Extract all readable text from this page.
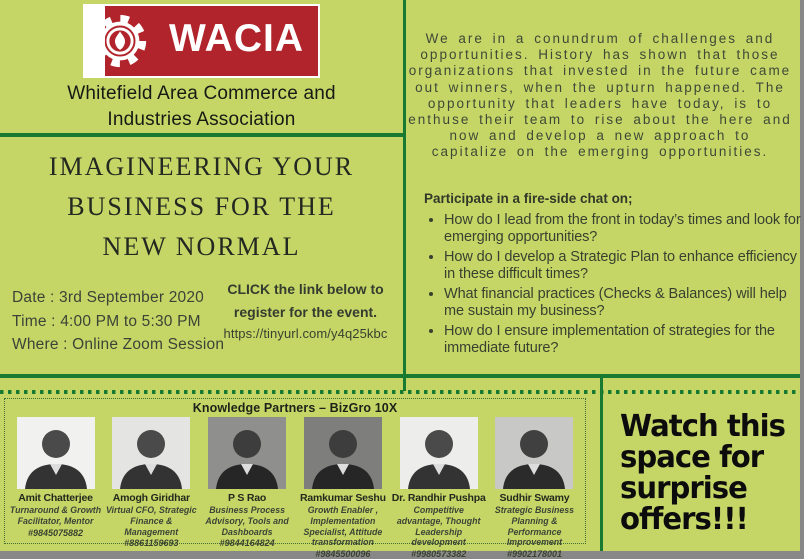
WACIA
Whitefield Area Commerce and
Industries Association
IMAGINEERING YOUR
BUSINESS FOR THE
NEW NORMAL
Date : 3rd September 2020
Time : 4:00 PM to 5:30 PM
Where : Online Zoom Session
CLICK the link below to
register for the event.
https://tinyurl.com/y4q25kbc
We are in a conundrum of challenges and opportunities. History has shown that those organizations that invested in the future came out winners, when the upturn happened. The opportunity that leaders have today, is to enthuse their team to rise about the here and now and develop a new approach to capitalize on the emerging opportunities.
Participate in a fire-side chat on;
• How do I lead from the front in today’s times and look for emerging opportunities?
• How do I develop a Strategic Plan to enhance efficiency in these difficult times?
• What financial practices (Checks & Balances) will help me sustain my business?
• How do I ensure implementation of strategies for the immediate future?
Knowledge Partners – BizGro 10X
Amit Chatterjee
Turnaround & Growth Facilitator, Mentor
#9845075882
Amogh Giridhar
Virtual CFO, Strategic Finance & Management
#8861159693
P S Rao
Business Process Advisory, Tools and Dashboards
#9844164824
Ramkumar Seshu
Growth Enabler , Implementation Specialist, Attitude transformation
#9845500096
Dr. Randhir Pushpa
Competitive advantage, Thought Leadership development
#9980573382
Sudhir Swamy
Strategic Business Planning & Performance Improvement
#9902178001
Watch this
space for
surprise
offers!!!
